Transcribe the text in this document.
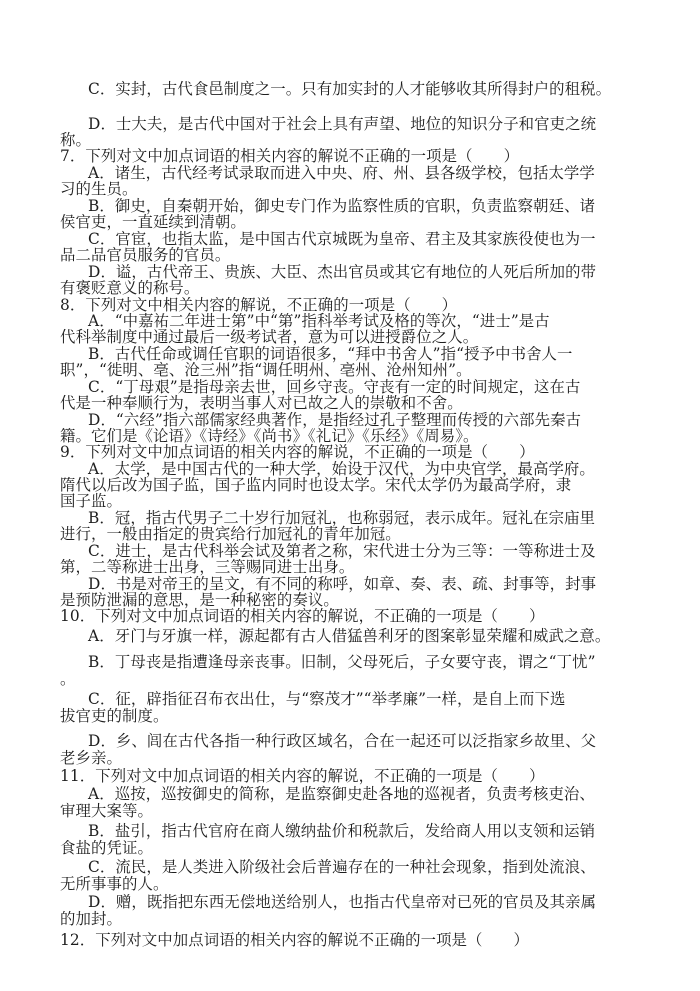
C．实封，古代食邑制度之一。只有加实封的人才能够收其所得封户的租税。
D．士大夫，是古代中国对于社会上具有声望、地位的知识分子和官吏之统
称。
7．下列对文中加点词语的相关内容的解说不正确的一项是（　　）
A．诸生，古代经考试录取而进入中央、府、州、县各级学校，包括太学学
习的生员。
B．御史，自秦朝开始，御史专门作为监察性质的官职，负责监察朝廷、诸
侯官吏，一直延续到清朝。
C．官宦，也指太监，是中国古代京城既为皇帝、君主及其家族役使也为一
品二品官员服务的官员。
D．谥，古代帝王、贵族、大臣、杰出官员或其它有地位的人死后所加的带
有褒贬意义的称号。
8．下列对文中相关内容的解说，不正确的一项是（　　）
A．“中嘉祐二年进士第”中“第”指科举考试及格的等次，“进士”是古
代科举制度中通过最后一级考试者，意为可以进授爵位之人。
B．古代任命或调任官职的词语很多，“拜中书舍人”指“授予中书舍人一
职”，“徙明、亳、沧三州”指“调任明州、亳州、沧州知州”。
C．“丁母艰”是指母亲去世，回乡守丧。守丧有一定的时间规定，这在古
代是一种奉顺行为，表明当事人对已故之人的崇敬和不舍。
D．“六经”指六部儒家经典著作，是指经过孔子整理而传授的六部先秦古
籍。它们是《论语》《诗经》《尚书》《礼记》《乐经》《周易》。
9．下列对文中加点词语的相关内容的解说，不正确的一项是（　　）
A．太学，是中国古代的一种大学，始设于汉代，为中央官学，最高学府。
隋代以后改为国子监，国子监内同时也设太学。宋代太学仍为最高学府，隶
国子监。
B．冠，指古代男子二十岁行加冠礼，也称弱冠，表示成年。冠礼在宗庙里
进行，一般由指定的贵宾给行加冠礼的青年加冠。
C．进士，是古代科举会试及第者之称，宋代进士分为三等：一等称进士及
第，二等称进士出身，三等赐同进士出身。
D．书是对帝王的呈文，有不同的称呼，如章、奏、表、疏、封事等，封事
是预防泄漏的意思，是一种秘密的奏议。
10．下列对文中加点词语的相关内容的解说，不正确的一项是（　　）
A．牙门与牙旗一样，源起都有古人借猛兽利牙的图案彰显荣耀和威武之意。
B．丁母丧是指遭逢母亲丧事。旧制，父母死后，子女要守丧，谓之“丁忧”
。
C．征，辟指征召布衣出仕，与“察茂才”“举孝廉”一样，是自上而下选
拔官吏的制度。
D．乡、闾在古代各指一种行政区域名，合在一起还可以泛指家乡故里、父
老乡亲。
11．下列对文中加点词语的相关内容的解说，不正确的一项是（　　）
A．巡按，巡按御史的简称，是监察御史赴各地的巡视者，负责考核吏治、
审理大案等。
B．盐引，指古代官府在商人缴纳盐价和税款后，发给商人用以支领和运销
食盐的凭证。
C．流民，是人类进入阶级社会后普遍存在的一种社会现象，指到处流浪、
无所事事的人。
D．赠，既指把东西无偿地送给别人，也指古代皇帝对已死的官员及其亲属
的加封。
12．下列对文中加点词语的相关内容的解说不正确的一项是（　　）
